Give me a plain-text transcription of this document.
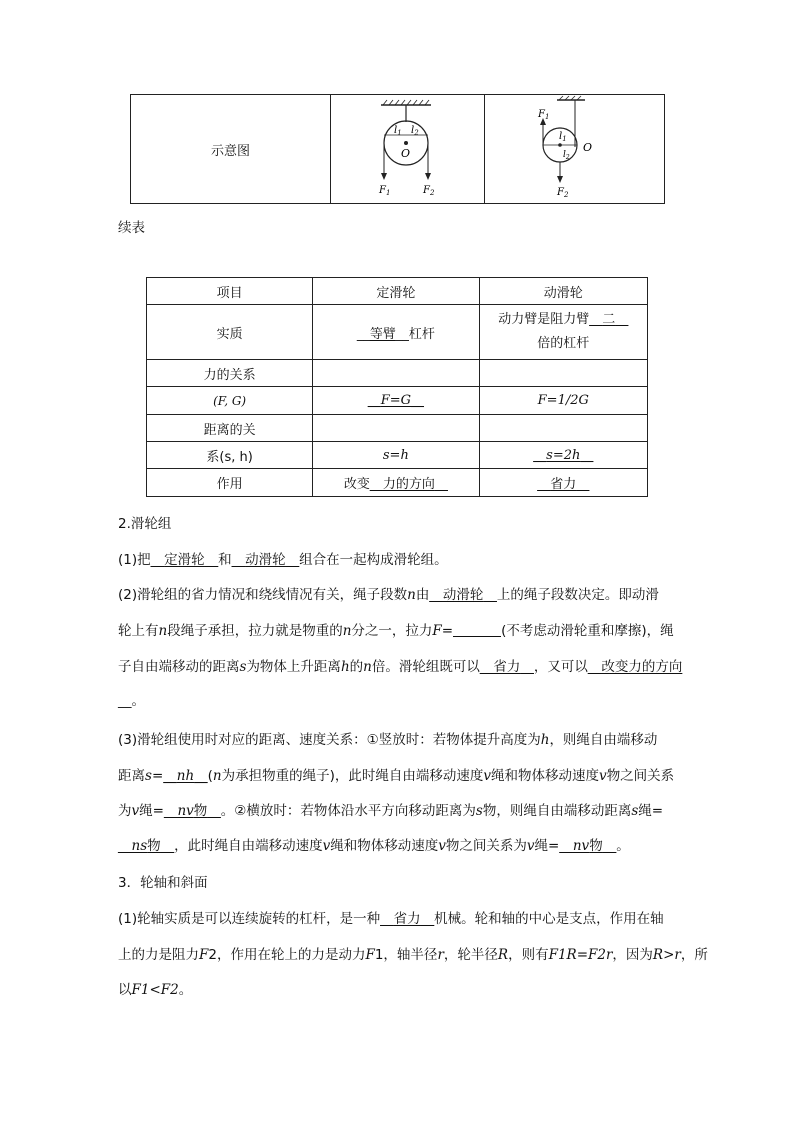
示意图	
$l_1$ $l_2$
O
$F_1$	$F_2$

$F_1$
$l_1$
$l_2$
O
$F_2$
续表
项目	定滑轮	动滑轮
实质	__等臂__杠杆	动力臂是阻力臂__二__
倍的杠杆
力的关系		
(F, G)	__F=G__	F=1/2G
距离的关		
系(s, h)	s=h	__s=2h__
作用	改变__力的方向__	__省力__
2.滑轮组
(1)把__定滑轮__和__动滑轮__组合在一起构成滑轮组。
(2)滑轮组的省力情况和绕线情况有关，绳子段数n由__动滑轮__上的绳子段数决定。即动滑
轮上有n段绳子承担，拉力就是物重的n分之一，拉力F=	(不考虑动滑轮重和摩擦)，绳
子自由端移动的距离s为物体上升距离h的n倍。滑轮组既可以__省力__，又可以__改变力的方向
__。
(3)滑轮组使用时对应的距离、速度关系：①竖放时：若物体提升高度为h，则绳自由端移动
距离s=__nh__(n为承担物重的绳子)，此时绳自由端移动速度v绳和物体移动速度v物之间关系
为v绳=__nv物__。②横放时：若物体沿水平方向移动距离为s物，则绳自由端移动距离s绳=
__ns物__，此时绳自由端移动速度v绳和物体移动速度v物之间关系为v绳=__nv物__。
3．轮轴和斜面
(1)轮轴实质是可以连续旋转的杠杆，是一种__省力__机械。轮和轴的中心是支点，作用在轴
上的力是阻力F2，作用在轮上的力是动力F1，轴半径r，轮半径R，则有F1R=F2r，因为R>r，所
以F1<F2。
